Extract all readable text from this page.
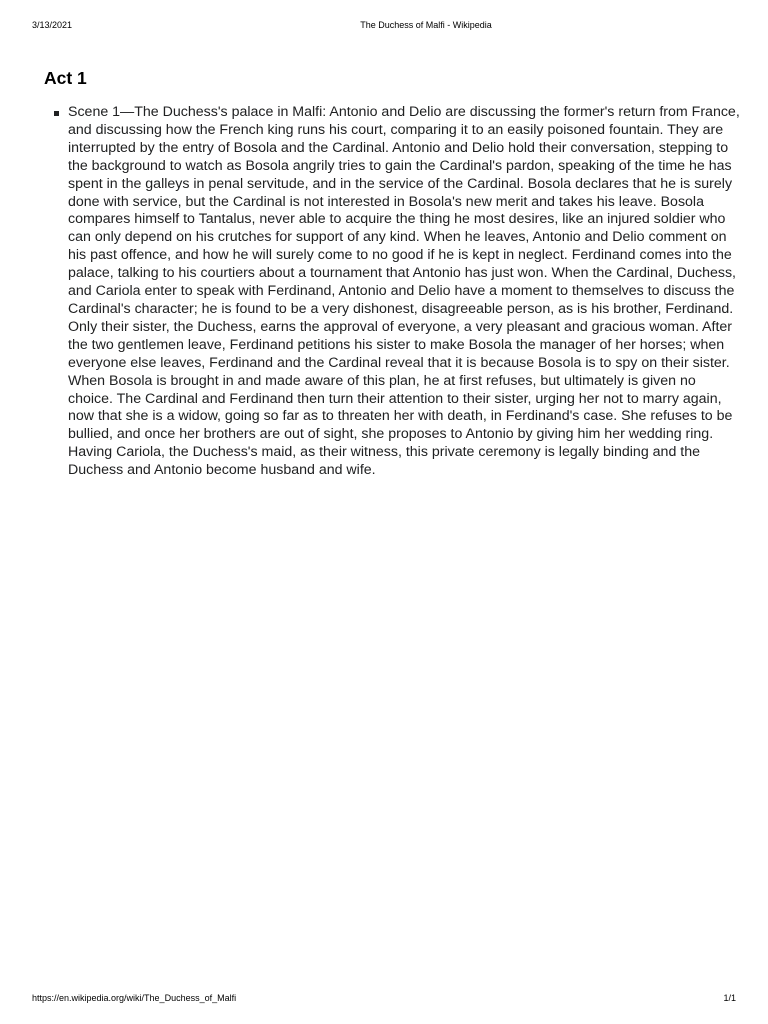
3/13/2021	The Duchess of Malfi - Wikipedia
Act 1
Scene 1—The Duchess's palace in Malfi: Antonio and Delio are discussing the former's return from France, and discussing how the French king runs his court, comparing it to an easily poisoned fountain. They are interrupted by the entry of Bosola and the Cardinal. Antonio and Delio hold their conversation, stepping to the background to watch as Bosola angrily tries to gain the Cardinal's pardon, speaking of the time he has spent in the galleys in penal servitude, and in the service of the Cardinal. Bosola declares that he is surely done with service, but the Cardinal is not interested in Bosola's new merit and takes his leave. Bosola compares himself to Tantalus, never able to acquire the thing he most desires, like an injured soldier who can only depend on his crutches for support of any kind. When he leaves, Antonio and Delio comment on his past offence, and how he will surely come to no good if he is kept in neglect. Ferdinand comes into the palace, talking to his courtiers about a tournament that Antonio has just won. When the Cardinal, Duchess, and Cariola enter to speak with Ferdinand, Antonio and Delio have a moment to themselves to discuss the Cardinal's character; he is found to be a very dishonest, disagreeable person, as is his brother, Ferdinand. Only their sister, the Duchess, earns the approval of everyone, a very pleasant and gracious woman. After the two gentlemen leave, Ferdinand petitions his sister to make Bosola the manager of her horses; when everyone else leaves, Ferdinand and the Cardinal reveal that it is because Bosola is to spy on their sister. When Bosola is brought in and made aware of this plan, he at first refuses, but ultimately is given no choice. The Cardinal and Ferdinand then turn their attention to their sister, urging her not to marry again, now that she is a widow, going so far as to threaten her with death, in Ferdinand's case. She refuses to be bullied, and once her brothers are out of sight, she proposes to Antonio by giving him her wedding ring. Having Cariola, the Duchess's maid, as their witness, this private ceremony is legally binding and the Duchess and Antonio become husband and wife.
https://en.wikipedia.org/wiki/The_Duchess_of_Malfi	1/1
